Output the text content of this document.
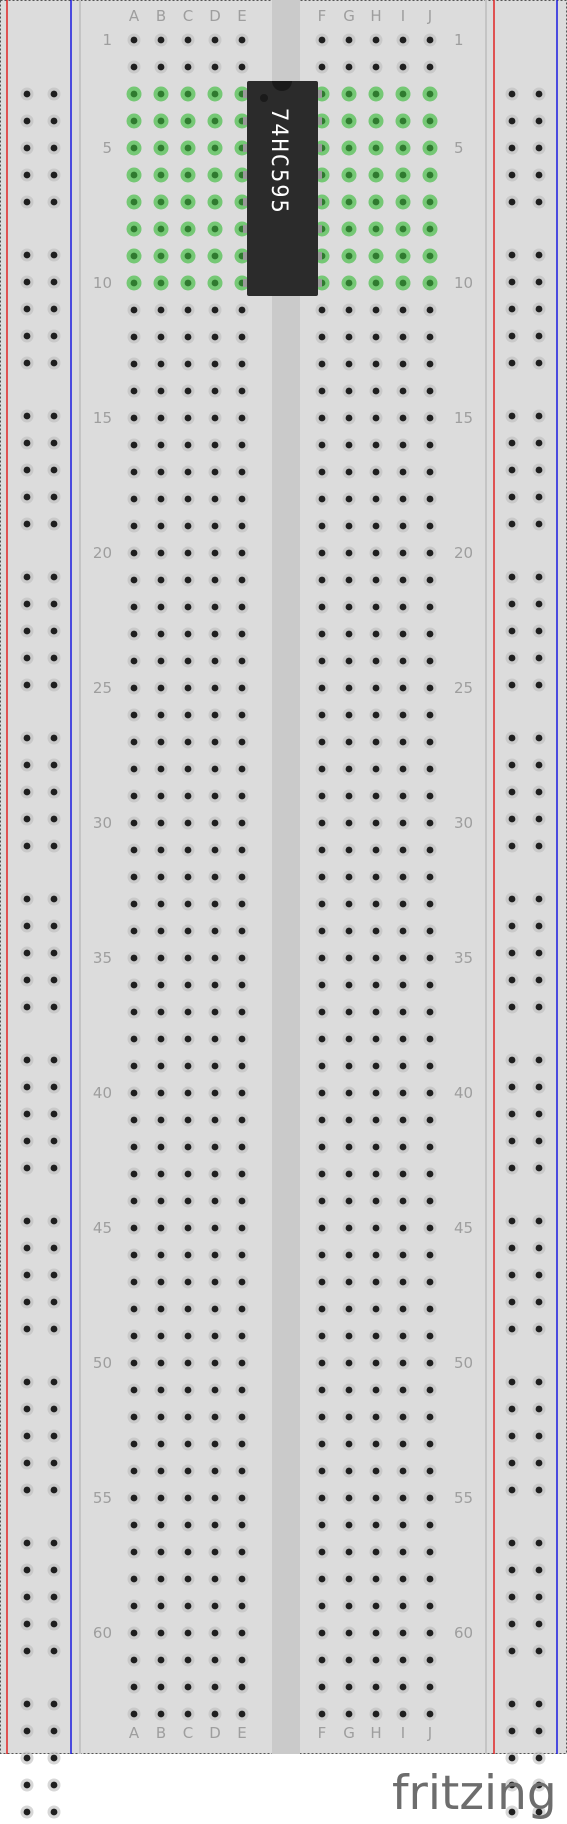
A
A
B
B
C
C
D
D
E
E
F
F
G
G
H
H
I
I
J
J
1	1
5	5
10	10
15	15
20	20
25	25
30	30
35	35
40	40
45	45
50	50
55	55
60	60
74HC595
fritzing
